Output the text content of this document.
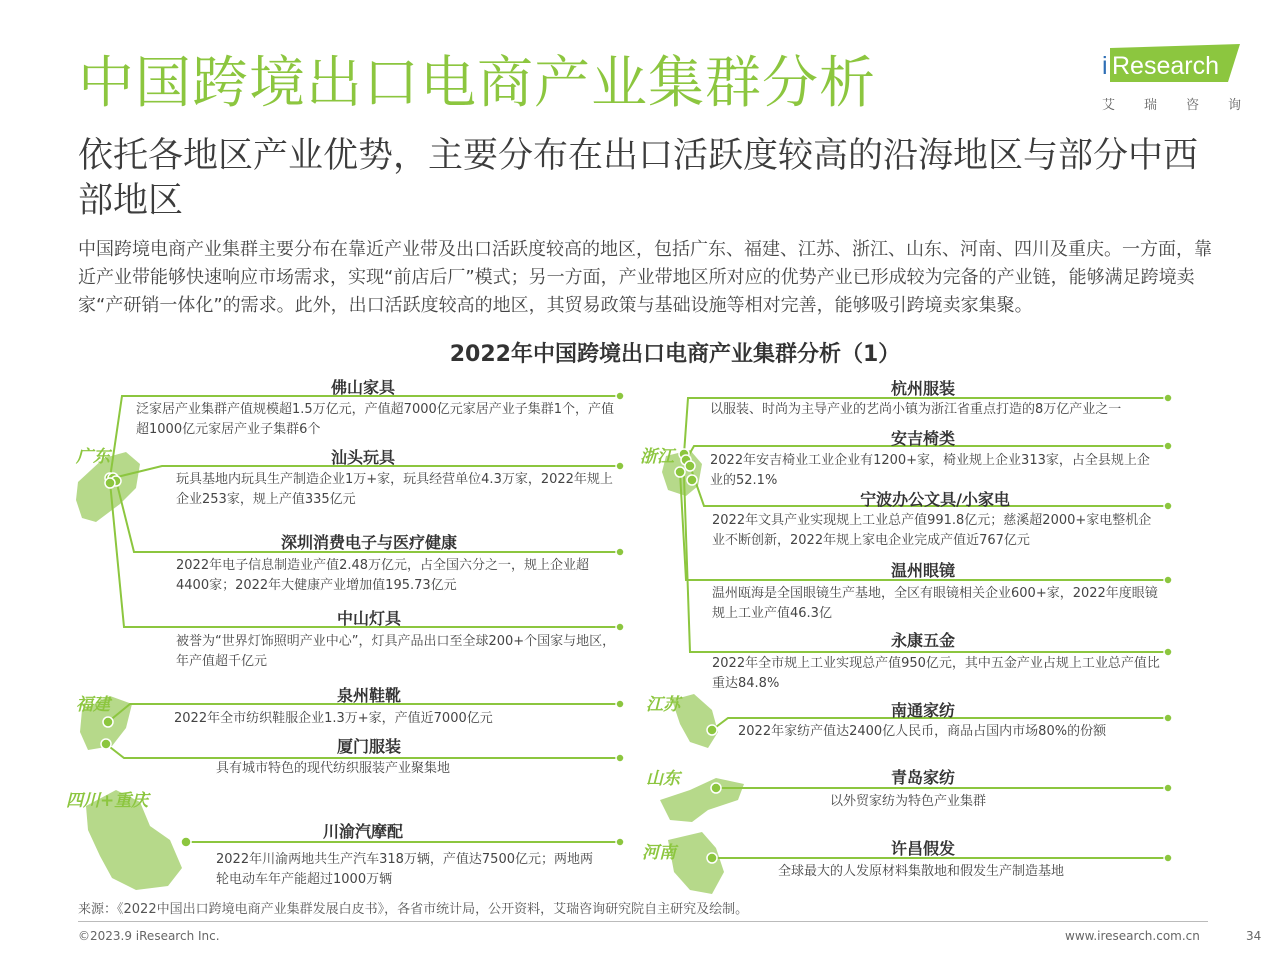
中国跨境出口电商产业集群分析
依托各地区产业优势，主要分布在出口活跃度较高的沿海地区与部分中西部地区
中国跨境电商产业集群主要分布在靠近产业带及出口活跃度较高的地区，包括广东、福建、江苏、浙江、山东、河南、四川及重庆。一方面，靠近产业带能够快速响应市场需求，实现“前店后厂”模式；另一方面，产业带地区所对应的优势产业已形成较为完备的产业链，能够满足跨境卖家“产研销一体化”的需求。此外，出口活跃度较高的地区，其贸易政策与基础设施等相对完善，能够吸引跨境卖家集聚。
i Research
艾瑞咨询
2022年中国跨境出口电商产业集群分析（1）
广东
福建
四川+重庆
浙江
江苏
山东
河南
佛山家具
泛家居产业集群产值规模超1.5万亿元，产值超7000亿元家居产业子集群1个，产值超1000亿元家居产业子集群6个
汕头玩具
玩具基地内玩具生产制造企业1万+家，玩具经营单位4.3万家，2022年规上企业253家，规上产值335亿元
深圳消费电子与医疗健康
2022年电子信息制造业产值2.48万亿元，占全国六分之一，规上企业超4400家；2022年大健康产业增加值195.73亿元
中山灯具
被誉为“世界灯饰照明产业中心”，灯具产品出口至全球200+个国家与地区，年产值超千亿元
泉州鞋靴
2022年全市纺织鞋服企业1.3万+家，产值近7000亿元
厦门服装
具有城市特色的现代纺织服装产业聚集地
川渝汽摩配
2022年川渝两地共生产汽车318万辆，产值达7500亿元；两地两轮电动车年产能超过1000万辆
杭州服装
以服装、时尚为主导产业的艺尚小镇为浙江省重点打造的8万亿产业之一
安吉椅类
2022年安吉椅业工业企业有1200+家，椅业规上企业313家，占全县规上企业的52.1%
宁波办公文具/小家电
2022年文具产业实现规上工业总产值991.8亿元；慈溪超2000+家电整机企业不断创新，2022年规上家电企业完成产值近767亿元
温州眼镜
温州瓯海是全国眼镜生产基地，全区有眼镜相关企业600+家，2022年度眼镜规上工业产值46.3亿
永康五金
2022年全市规上工业实现总产值950亿元，其中五金产业占规上工业总产值比重达84.8%
南通家纺
2022年家纺产值达2400亿人民币，商品占国内市场80%的份额
青岛家纺
以外贸家纺为特色产业集群
许昌假发
全球最大的人发原材料集散地和假发生产制造基地
来源：《2022中国出口跨境电商产业集群发展白皮书》，各省市统计局，公开资料，艾瑞咨询研究院自主研究及绘制。
©2023.9 iResearch Inc.	www.iresearch.com.cn	34
